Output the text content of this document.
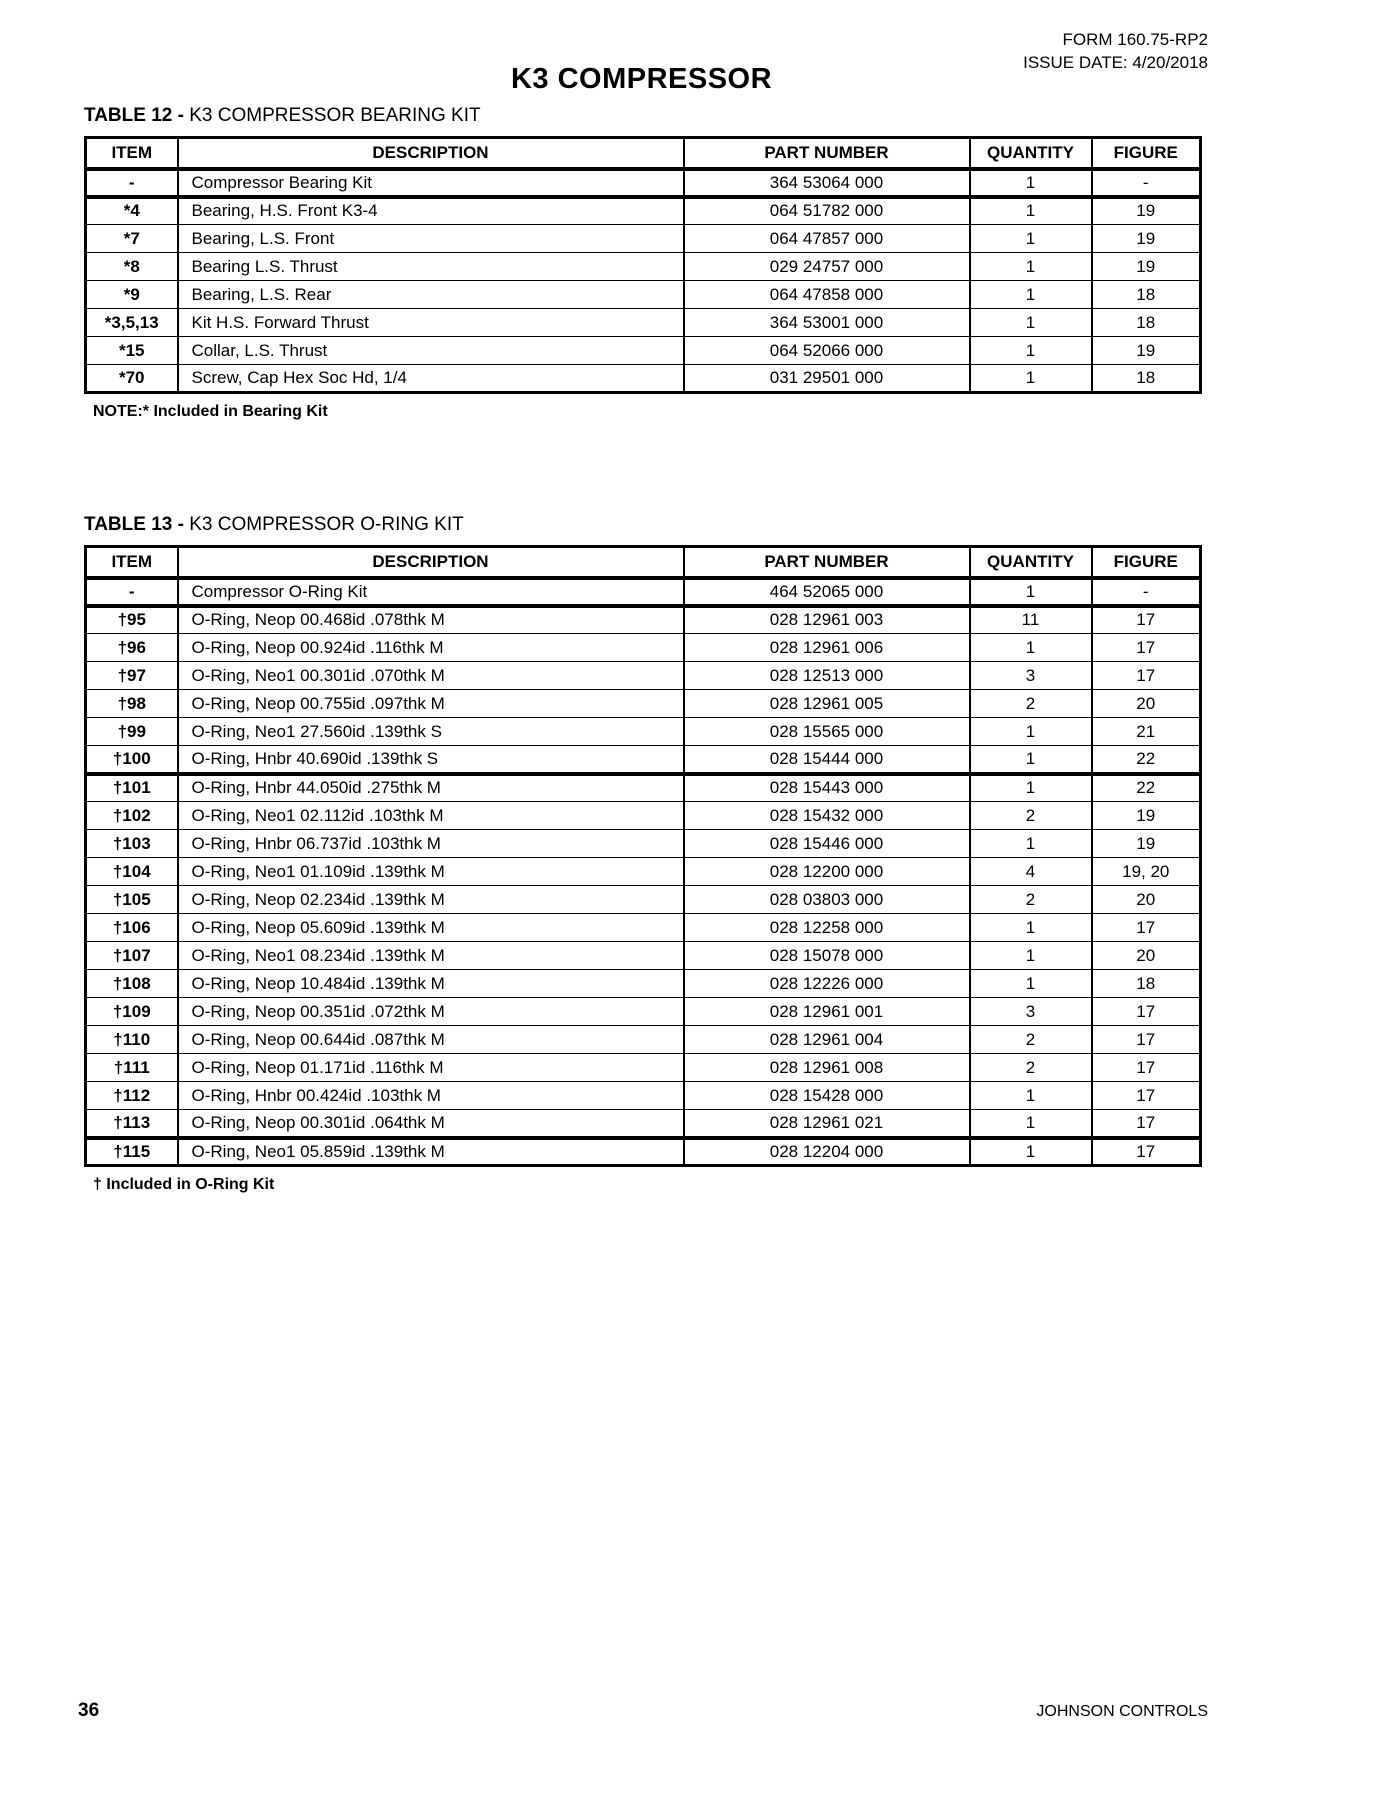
FORM 160.75-RP2
ISSUE DATE: 4/20/2018
K3 COMPRESSOR
TABLE 12 - K3 COMPRESSOR BEARING KIT
ITEM	DESCRIPTION	PART NUMBER	QUANTITY	FIGURE
-	Compressor Bearing Kit	364 53064 000	1	-
*4	Bearing, H.S. Front K3-4	064 51782 000	1	19
*7	Bearing, L.S. Front	064 47857 000	1	19
*8	Bearing L.S. Thrust	029 24757 000	1	19
*9	Bearing, L.S. Rear	064 47858 000	1	18
*3,5,13	Kit H.S. Forward Thrust	364 53001 000	1	18
*15	Collar, L.S. Thrust	064 52066 000	1	19
*70	Screw, Cap Hex Soc Hd, 1/4	031 29501 000	1	18
NOTE:* Included in Bearing Kit
TABLE 13 - K3 COMPRESSOR O-RING KIT
ITEM	DESCRIPTION	PART NUMBER	QUANTITY	FIGURE
-	Compressor O-Ring Kit	464 52065 000	1	-
†95	O-Ring, Neop 00.468id .078thk M	028 12961 003	11	17
†96	O-Ring, Neop 00.924id .116thk M	028 12961 006	1	17
†97	O-Ring, Neo1 00.301id .070thk M	028 12513 000	3	17
†98	O-Ring, Neop 00.755id .097thk M	028 12961 005	2	20
†99	O-Ring, Neo1 27.560id .139thk S	028 15565 000	1	21
†100	O-Ring, Hnbr 40.690id .139thk S	028 15444 000	1	22
†101	O-Ring, Hnbr 44.050id .275thk M	028 15443 000	1	22
†102	O-Ring, Neo1 02.112id .103thk M	028 15432 000	2	19
†103	O-Ring, Hnbr 06.737id .103thk M	028 15446 000	1	19
†104	O-Ring, Neo1 01.109id .139thk M	028 12200 000	4	19, 20
†105	O-Ring, Neop 02.234id .139thk M	028 03803 000	2	20
†106	O-Ring, Neop 05.609id .139thk M	028 12258 000	1	17
†107	O-Ring, Neo1 08.234id .139thk M	028 15078 000	1	20
†108	O-Ring, Neop 10.484id .139thk M	028 12226 000	1	18
†109	O-Ring, Neop 00.351id .072thk M	028 12961 001	3	17
†110	O-Ring, Neop 00.644id .087thk M	028 12961 004	2	17
†111	O-Ring, Neop 01.171id .116thk M	028 12961 008	2	17
†112	O-Ring, Hnbr 00.424id .103thk M	028 15428 000	1	17
†113	O-Ring, Neop 00.301id .064thk M	028 12961 021	1	17
†115	O-Ring, Neo1 05.859id .139thk M	028 12204 000	1	17
† Included in O-Ring Kit
36	JOHNSON CONTROLS
